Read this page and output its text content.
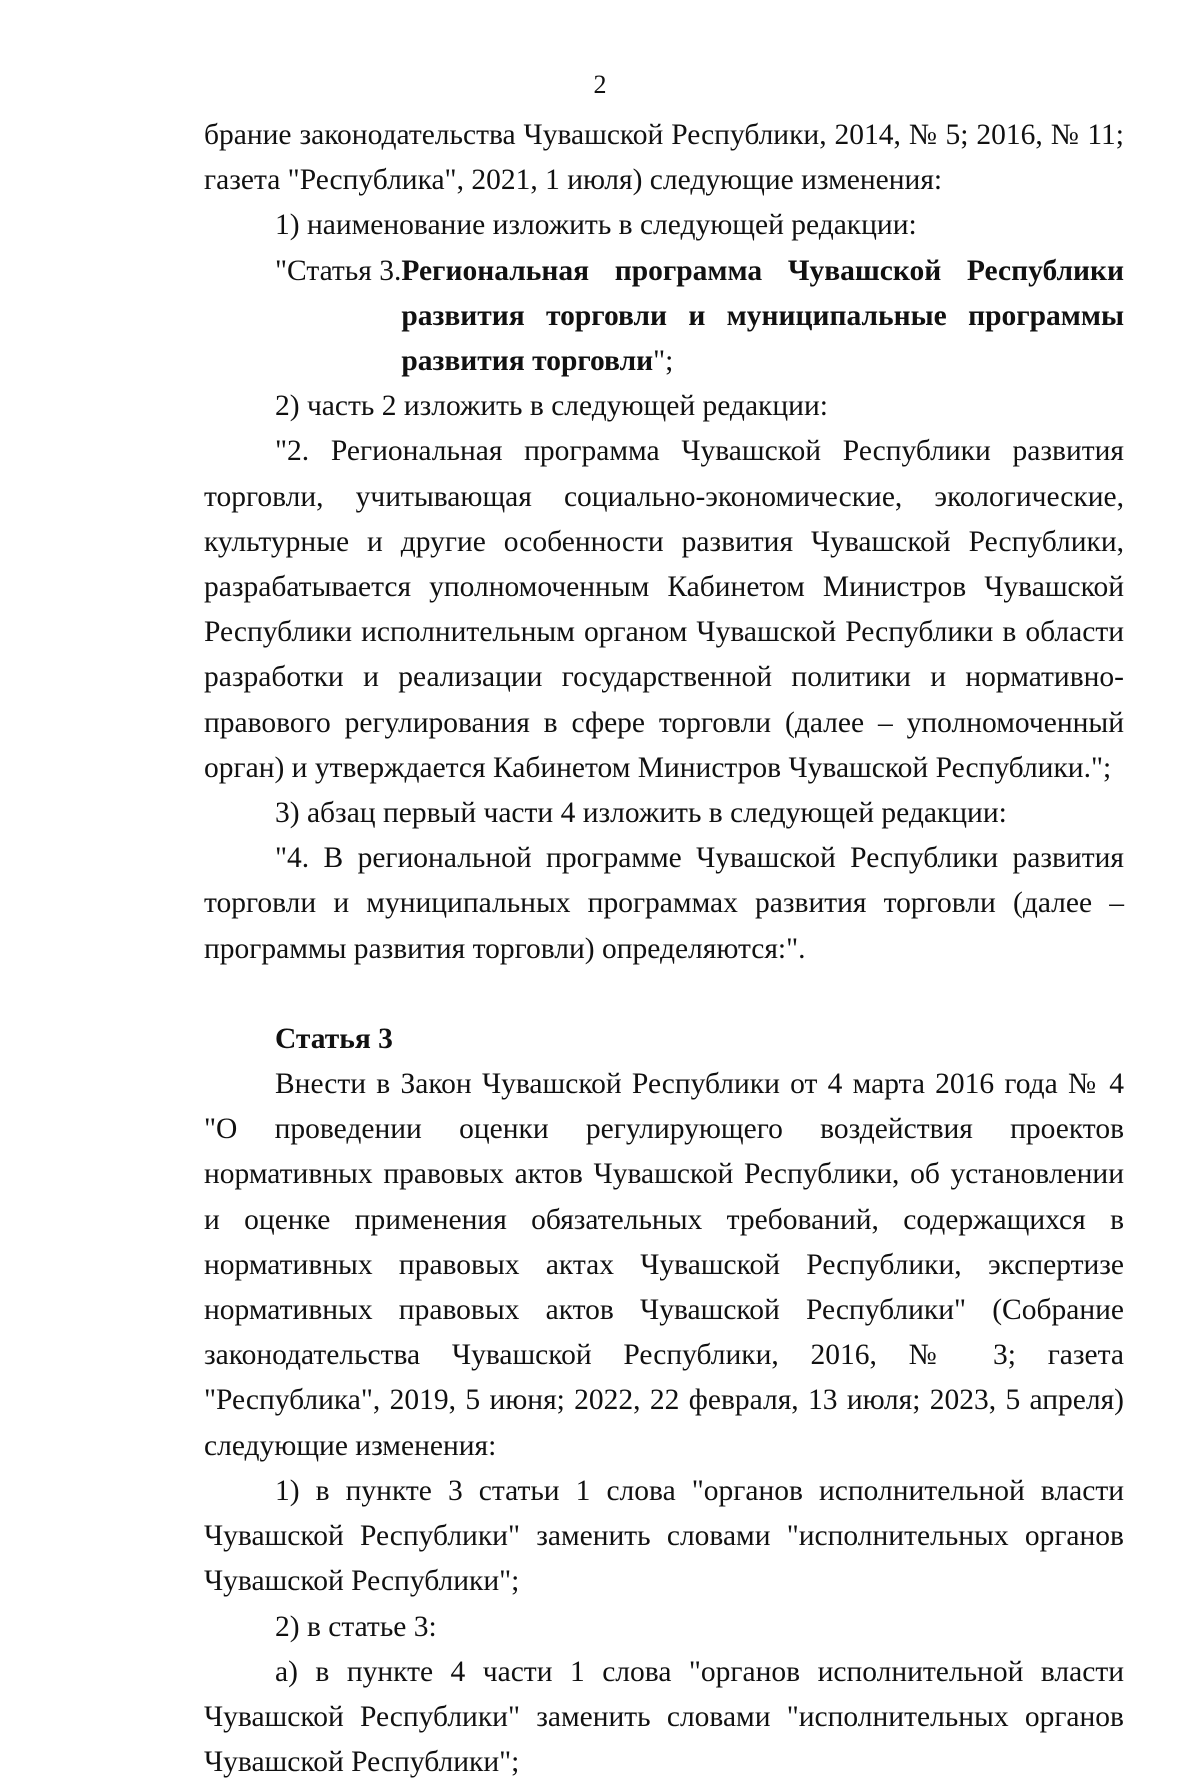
2

брание законодательства Чувашской Республики, 2014, № 5; 2016, № 11; газета "Республика", 2021, 1 июля) следующие изменения:

1) наименование изложить в следующей редакции:

"Статья 3. Региональная программа Чувашской Республики развития торговли и муниципальные программы развития торговли";

2) часть 2 изложить в следующей редакции:

"2. Региональная программа Чувашской Республики развития торговли, учитывающая социально-экономические, экологические, культурные и другие особенности развития Чувашской Республики, разрабатывается уполномоченным Кабинетом Министров Чувашской Республики исполнительным органом Чувашской Республики в области разработки и реализации государственной политики и нормативно-правового регулирования в сфере торговли (далее – уполномоченный орган) и утверждается Кабинетом Министров Чувашской Республики.";

3) абзац первый части 4 изложить в следующей редакции:

"4. В региональной программе Чувашской Республики развития торговли и муниципальных программах развития торговли (далее – программы развития торговли) определяются:".

Статья 3

Внести в Закон Чувашской Республики от 4 марта 2016 года № 4 "О проведении оценки регулирующего воздействия проектов нормативных правовых актов Чувашской Республики, об установлении и оценке применения обязательных требований, содержащихся в нормативных правовых актах Чувашской Республики, экспертизе нормативных правовых актов Чувашской Республики" (Собрание законодательства Чувашской Республики, 2016, № 3; газета "Республика", 2019, 5 июня; 2022, 22 февраля, 13 июля; 2023, 5 апреля) следующие изменения:

1) в пункте 3 статьи 1 слова "органов исполнительной власти Чувашской Республики" заменить словами "исполнительных органов Чувашской Республики";

2) в статье 3:

а) в пункте 4 части 1 слова "органов исполнительной власти Чувашской Республики" заменить словами "исполнительных органов Чувашской Республики";
